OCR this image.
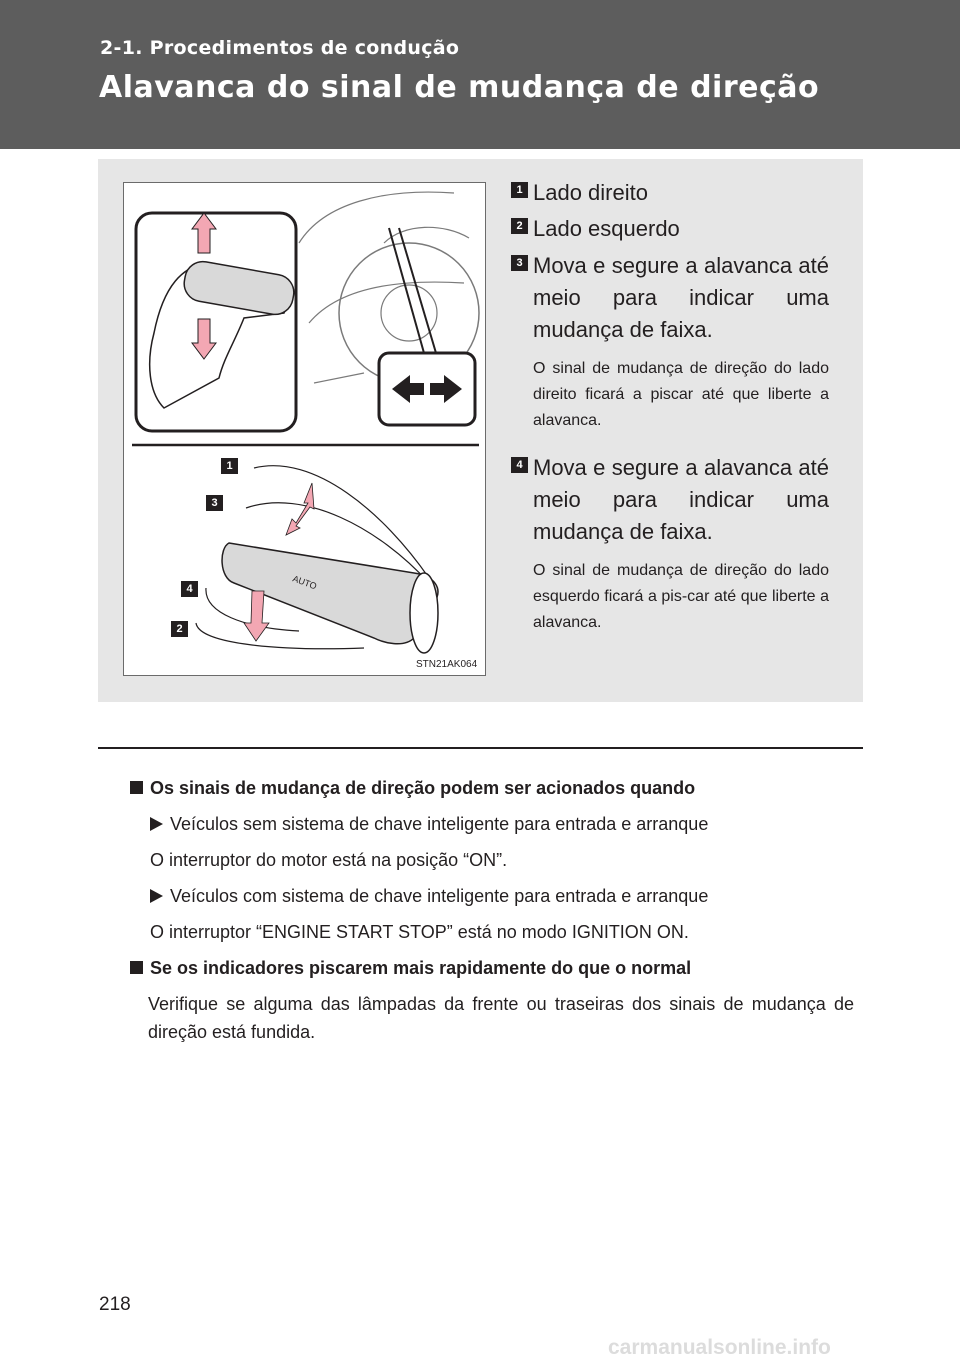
2-1. Procedimentos de condução
Alavanca do sinal de mudança de direção
AUTO
1
3
4
2
STN21AK064
1 Lado direito
2 Lado esquerdo
3 Mova e segure a alavanca até meio para indicar uma mudança de faixa.
O sinal de mudança de direção do lado direito ficará a piscar até que liberte a alavanca.
4 Mova e segure a alavanca até meio para indicar uma mudança de faixa.
O sinal de mudança de direção do lado esquerdo ficará a pis-car até que liberte a alavanca.
Os sinais de mudança de direção podem ser acionados quando
Veículos sem sistema de chave inteligente para entrada e arranque
O interruptor do motor está na posição “ON”.
Veículos com sistema de chave inteligente para entrada e arranque
O interruptor “ENGINE START STOP” está no modo IGNITION ON.
Se os indicadores piscarem mais rapidamente do que o normal
Verifique se alguma das lâmpadas da frente ou traseiras dos sinais de mudança de direção está fundida.
218
carmanualsonline.info
